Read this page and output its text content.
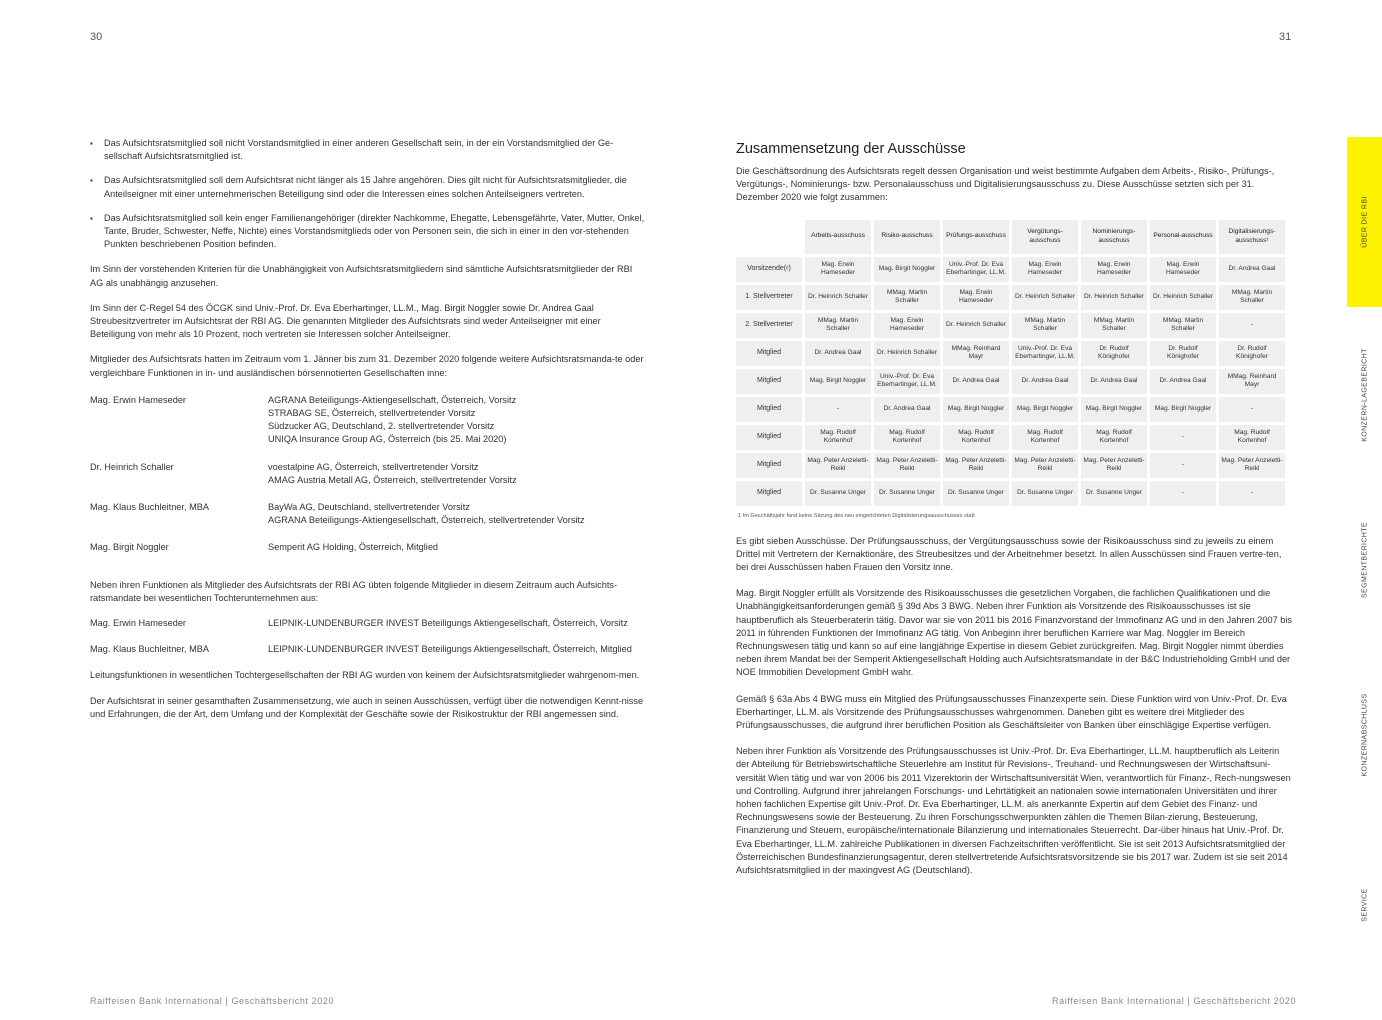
30	31
▪ Das Aufsichtsratsmitglied soll nicht Vorstandsmitglied in einer anderen Gesellschaft sein, in der ein Vorstandsmitglied der Ge-sellschaft Aufsichtsratsmitglied ist.
▪ Das Aufsichtsratsmitglied soll dem Aufsichtsrat nicht länger als 15 Jahre angehören. Dies gilt nicht für Aufsichtsratsmitglieder, die Anteilseigner mit einer unternehmerischen Beteiligung sind oder die Interessen eines solchen Anteilseigners vertreten.
▪ Das Aufsichtsratsmitglied soll kein enger Familienangehöriger (direkter Nachkomme, Ehegatte, Lebensgefährte, Vater, Mutter, Onkel, Tante, Bruder, Schwester, Neffe, Nichte) eines Vorstandsmitglieds oder von Personen sein, die sich in einer in den vor-stehenden Punkten beschriebenen Position befinden.

Im Sinn der vorstehenden Kriterien für die Unabhängigkeit von Aufsichtsratsmitgliedern sind sämtliche Aufsichtsratsmitglieder der RBI AG als unabhängig anzusehen.

Im Sinn der C-Regel 54 des ÖCGK sind Univ.-Prof. Dr. Eva Eberhartinger, LL.M., Mag. Birgit Noggler sowie Dr. Andrea Gaal Streubesitzvertreter im Aufsichtsrat der RBI AG. Die genannten Mitglieder des Aufsichtsrats sind weder Anteilseigner mit einer Beteiligung von mehr als 10 Prozent, noch vertreten sie Interessen solcher Anteilseigner.

Mitglieder des Aufsichtsrats hatten im Zeitraum vom 1. Jänner bis zum 31. Dezember 2020 folgende weitere Aufsichtsratsmanda-te oder vergleichbare Funktionen in in- und ausländischen börsennotierten Gesellschaften inne:

Mag. Erwin Hameseder	AGRANA Beteiligungs-Aktiengesellschaft, Österreich, Vorsitz
STRABAG SE, Österreich, stellvertretender Vorsitz
Südzucker AG, Deutschland, 2. stellvertretender Vorsitz
UNIQA Insurance Group AG, Österreich (bis 25. Mai 2020)
Dr. Heinrich Schaller	voestalpine AG, Österreich, stellvertretender Vorsitz
AMAG Austria Metall AG, Österreich, stellvertretender Vorsitz
Mag. Klaus Buchleitner, MBA	BayWa AG, Deutschland, stellvertretender Vorsitz
AGRANA Beteiligungs-Aktiengesellschaft, Österreich, stellvertretender Vorsitz
Mag. Birgit Noggler	Semperit AG Holding, Österreich, Mitglied

Neben ihren Funktionen als Mitglieder des Aufsichtsrats der RBI AG übten folgende Mitglieder in diesem Zeitraum auch Aufsichts-ratsmandate bei wesentlichen Tochterunternehmen aus:

Mag. Erwin Hameseder	LEIPNIK-LUNDENBURGER INVEST Beteiligungs Aktiengesellschaft, Österreich, Vorsitz
Mag. Klaus Buchleitner, MBA	LEIPNIK-LUNDENBURGER INVEST Beteiligungs Aktiengesellschaft, Österreich, Mitglied

Leitungsfunktionen in wesentlichen Tochtergesellschaften der RBI AG wurden von keinem der Aufsichtsratsmitglieder wahrgenom-men.

Der Aufsichtsrat in seiner gesamthaften Zusammensetzung, wie auch in seinen Ausschüssen, verfügt über die notwendigen Kennt-nisse und Erfahrungen, die der Art, dem Umfang und der Komplexität der Geschäfte sowie der Risikostruktur der RBI angemessen sind.

Zusammensetzung der Ausschüsse

Die Geschäftsordnung des Aufsichtsrats regelt dessen Organisation und weist bestimmte Aufgaben dem Arbeits-, Risiko-, Prüfungs-, Vergütungs-, Nominierungs- bzw. Personalausschuss und Digitalisierungsausschuss zu. Diese Ausschüsse setzten sich per 31. Dezember 2020 wie folgt zusammen:

	Arbeits-ausschuss	Risiko-ausschuss	Prüfungs-ausschuss	Vergütungs-ausschuss	Nominierungs-ausschuss	Personal-ausschuss	Digitalisierungs-ausschuss¹
Vorsitzende(r)	Mag. Erwin Hameseder	Mag. Birgit Noggler	Univ.-Prof. Dr. Eva Eberhartinger, LL.M.	Mag. Erwin Hameseder	Mag. Erwin Hameseder	Mag. Erwin Hameseder	Dr. Andrea Gaal
1. Stellvertreter	Dr. Heinrich Schaller	MMag. Martin Schaller	Mag. Erwin Hameseder	Dr. Heinrich Schaller	Dr. Heinrich Schaller	Dr. Heinrich Schaller	MMag. Martin Schaller
2. Stellvertreter	MMag. Martin Schaller	Mag. Erwin Hameseder	Dr. Heinrich Schaller	MMag. Martin Schaller	MMag. Martin Schaller	MMag. Martin Schaller	-
Mitglied	Dr. Andrea Gaal	Dr. Heinrich Schaller	MMag. Reinhard Mayr	Univ.-Prof. Dr. Eva Eberhartinger, LL.M.	Dr. Rudolf Könighofer	Dr. Rudolf Könighofer	Dr. Rudolf Könighofer
Mitglied	Mag. Birgit Noggler	Univ.-Prof. Dr. Eva Eberhartinger, LL.M.	Dr. Andrea Gaal	Dr. Andrea Gaal	Dr. Andrea Gaal	Dr. Andrea Gaal	MMag. Reinhard Mayr
Mitglied	-	Dr. Andrea Gaal	Mag. Birgit Noggler	Mag. Birgit Noggler	Mag. Birgit Noggler	Mag. Birgit Noggler	-
Mitglied	Mag. Rudolf Kortenhof	Mag. Rudolf Kortenhof	Mag. Rudolf Kortenhof	Mag. Rudolf Kortenhof	Mag. Rudolf Kortenhof	-	Mag. Rudolf Kortenhof
Mitglied	Mag. Peter Anzeletti-Reikl	Mag. Peter Anzeletti-Reikl	Mag. Peter Anzeletti-Reikl	Mag. Peter Anzeletti-Reikl	Mag. Peter Anzeletti-Reikl	-	Mag. Peter Anzeletti-Reikl
Mitglied	Dr. Susanne Unger	Dr. Susanne Unger	Dr. Susanne Unger	Dr. Susanne Unger	Dr. Susanne Unger	-	-
1 Im Geschäftsjahr fand keine Sitzung des neu eingerichteten Digitalisierungsausschusses statt

Es gibt sieben Ausschüsse. Der Prüfungsausschuss, der Vergütungsausschuss sowie der Risikoausschuss sind zu jeweils zu einem Drittel mit Vertretern der Kernaktionäre, des Streubesitzes und der Arbeitnehmer besetzt. In allen Ausschüssen sind Frauen vertre-ten, bei drei Ausschüssen haben Frauen den Vorsitz inne.

Mag. Birgit Noggler erfüllt als Vorsitzende des Risikoausschusses die gesetzlichen Vorgaben, die fachlichen Qualifikationen und die Unabhängigkeitsanforderungen gemäß § 39d Abs 3 BWG. Neben ihrer Funktion als Vorsitzende des Risikoausschusses ist sie hauptberuflich als Steuerberaterin tätig. Davor war sie von 2011 bis 2016 Finanzvorstand der Immofinanz AG und in den Jahren 2007 bis 2011 in führenden Funktionen der Immofinanz AG tätig. Von Anbeginn ihrer beruflichen Karriere war Mag. Noggler im Bereich Rechnungswesen tätig und kann so auf eine langjährige Expertise in diesem Gebiet zurückgreifen. Mag. Birgit Noggler nimmt überdies neben ihrem Mandat bei der Semperit Aktiengesellschaft Holding auch Aufsichtsratsmandate in der B&C Industrieholding GmbH und der NOE Immobilien Development GmbH wahr.

Gemäß § 63a Abs 4 BWG muss ein Mitglied des Prüfungsausschusses Finanzexperte sein. Diese Funktion wird von Univ.-Prof. Dr. Eva Eberhartinger, LL.M. als Vorsitzende des Prüfungsausschusses wahrgenommen. Daneben gibt es weitere drei Mitglieder des Prüfungsausschusses, die aufgrund ihrer beruflichen Position als Geschäftsleiter von Banken über einschlägige Expertise verfügen.

Neben ihrer Funktion als Vorsitzende des Prüfungsausschusses ist Univ.-Prof. Dr. Eva Eberhartinger, LL.M. hauptberuflich als Leiterin der Abteilung für Betriebswirtschaftliche Steuerlehre am Institut für Revisions-, Treuhand- und Rechnungswesen der Wirtschaftsuni-versität Wien tätig und war von 2006 bis 2011 Vizerektorin der Wirtschaftsuniversität Wien, verantwortlich für Finanz-, Rech-nungswesen und Controlling. Aufgrund ihrer jahrelangen Forschungs- und Lehrtätigkeit an nationalen sowie internationalen Universitäten und ihrer hohen fachlichen Expertise gilt Univ.-Prof. Dr. Eva Eberhartinger, LL.M. als anerkannte Expertin auf dem Gebiet des Finanz- und Rechnungswesens sowie der Besteuerung. Zu ihren Forschungsschwerpunkten zählen die Themen Bilan-zierung, Besteuerung, Finanzierung und Steuern, europäische/internationale Bilanzierung und internationales Steuerrecht. Dar-über hinaus hat Univ.-Prof. Dr. Eva Eberhartinger, LL.M. zahlreiche Publikationen in diversen Fachzeitschriften veröffentlicht. Sie ist seit 2013 Aufsichtsratsmitglied der Österreichischen Bundesfinanzierungsagentur, deren stellvertretende Aufsichtsratsvorsitzende sie bis 2017 war. Zudem ist sie seit 2014 Aufsichtsratsmitglied in der maxingvest AG (Deutschland).

ÜBER DIE RBI
KONZERN-LAGEBERICHT
SEGMENTBERICHTE
KONZERNABSCHLUSS
SERVICE
Raiffeisen Bank International | Geschäftsbericht 2020	Raiffeisen Bank International | Geschäftsbericht 2020
